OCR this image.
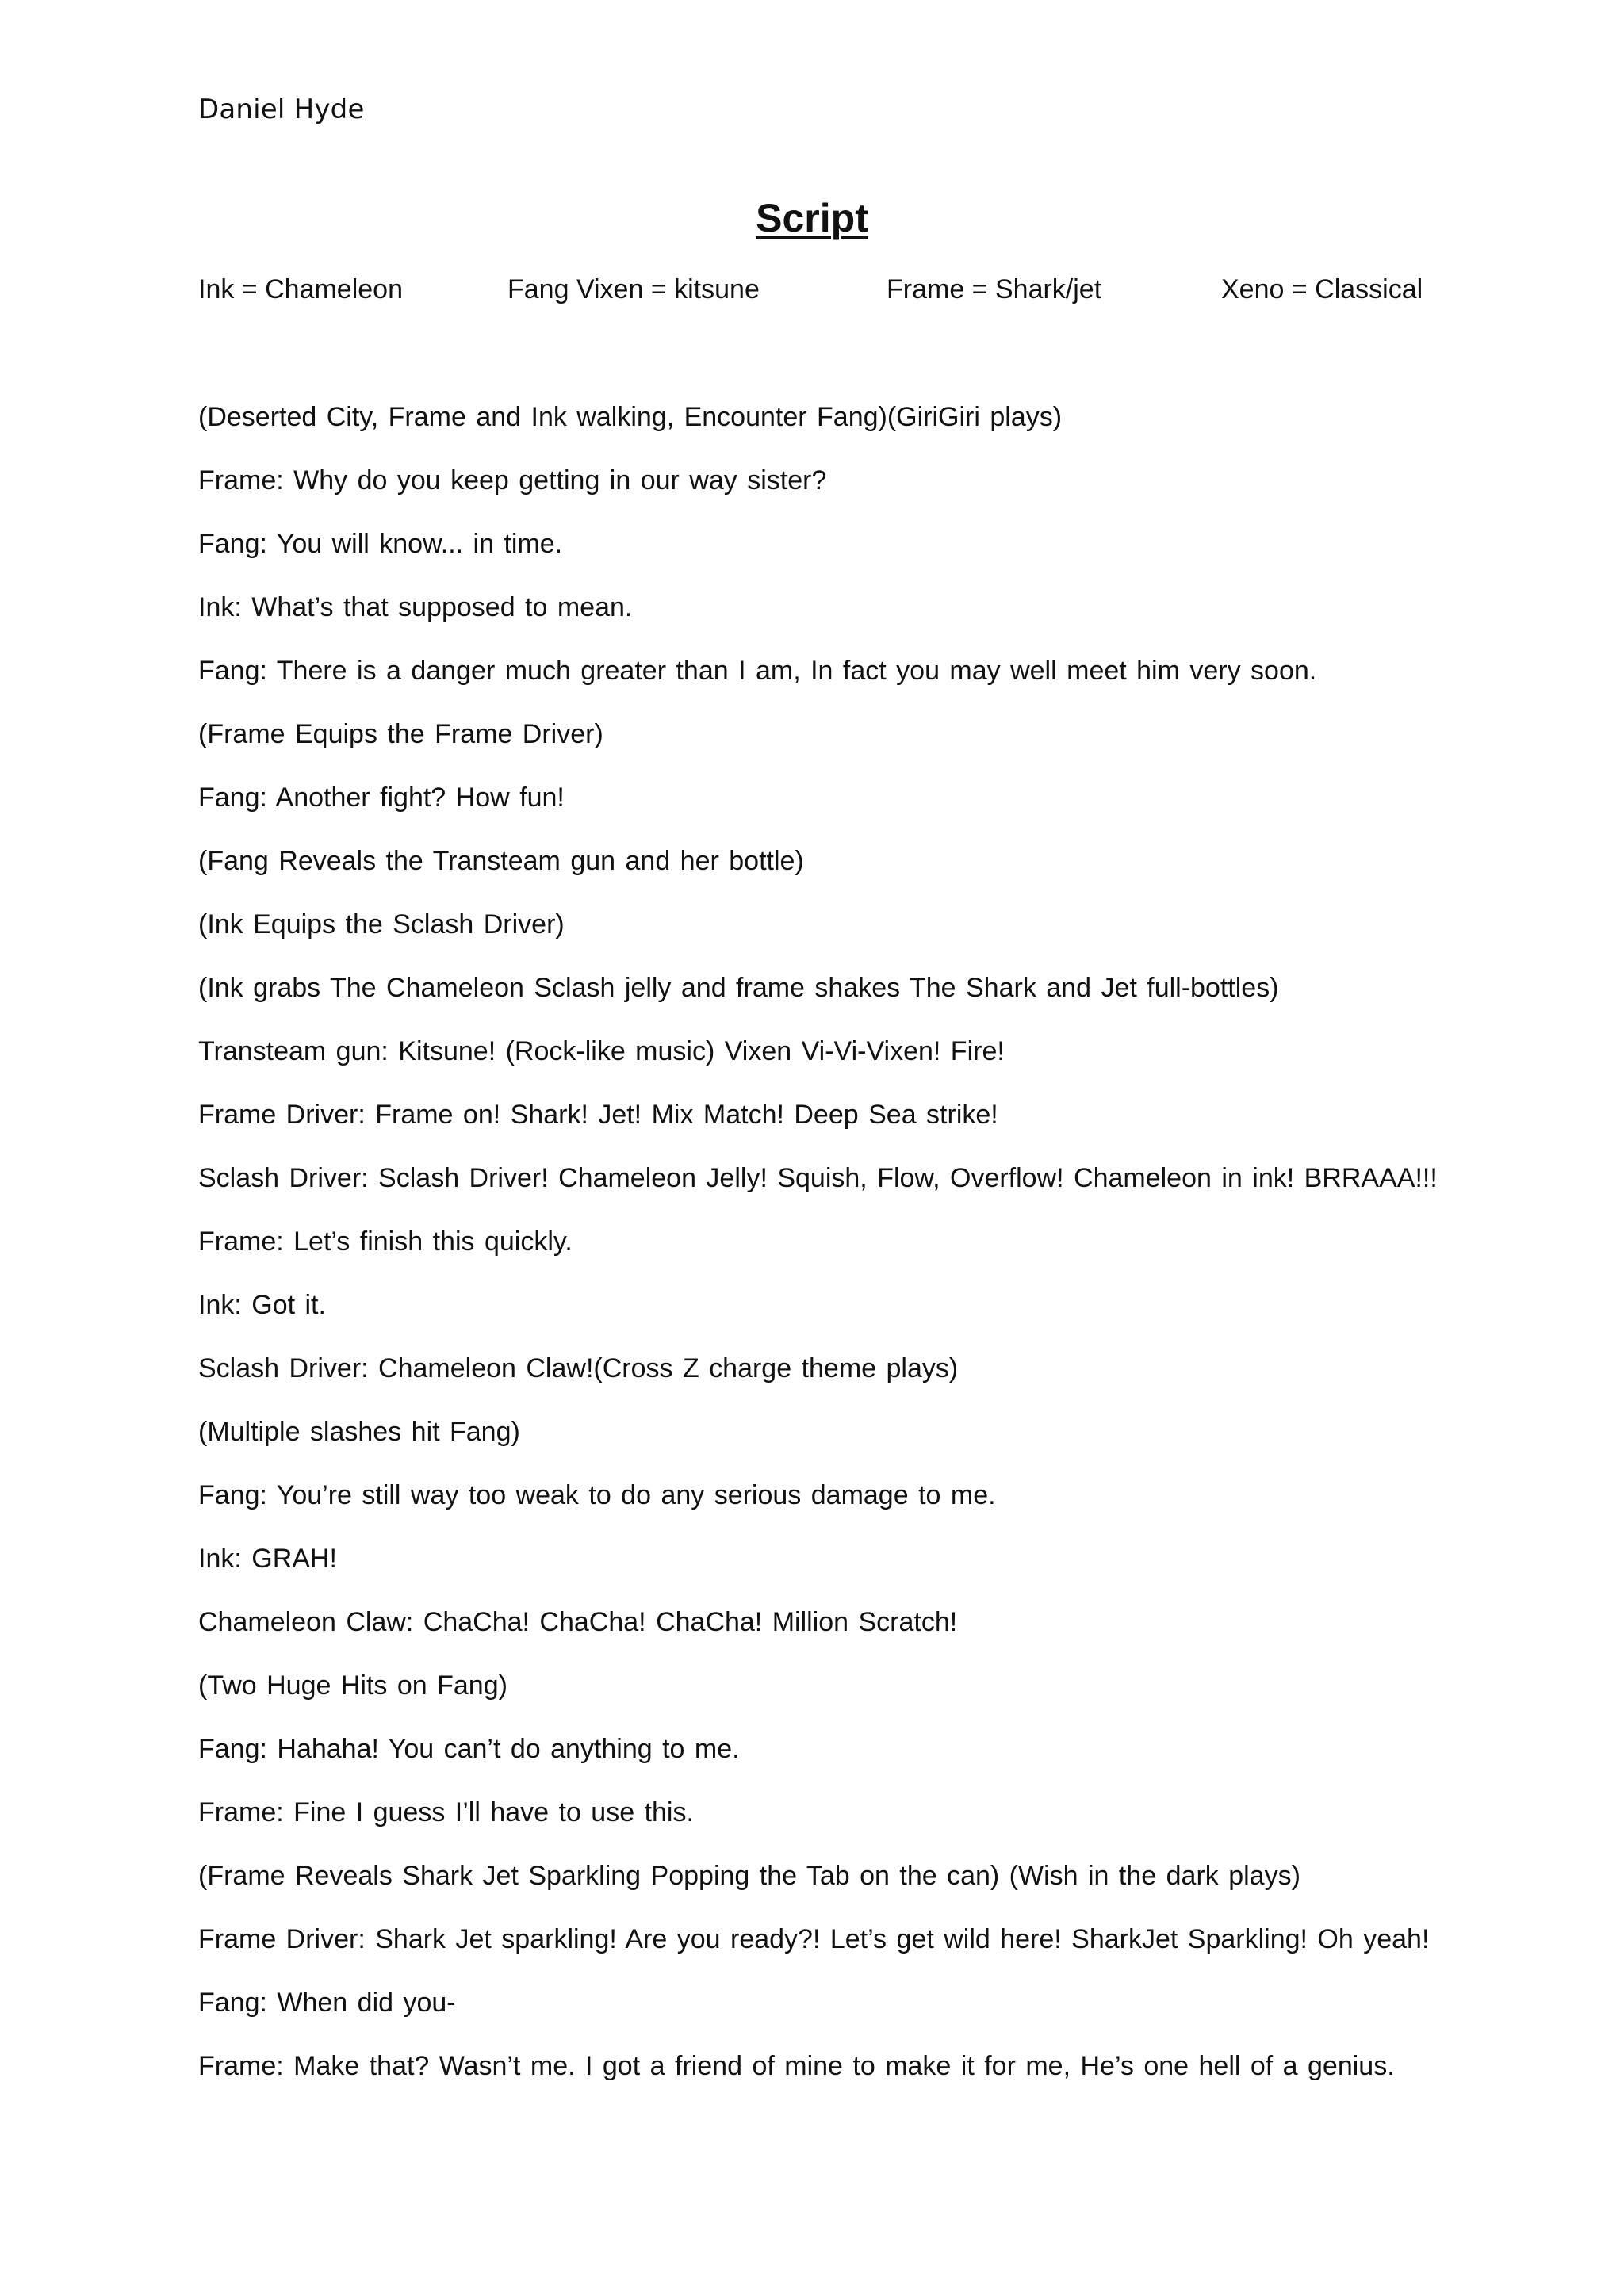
Daniel Hyde
Script
Ink = Chameleon	Fang Vixen = kitsune	Frame = Shark/jet	Xeno = Classical
(Deserted City, Frame and Ink walking, Encounter Fang)(GiriGiri plays)
Frame: Why do you keep getting in our way sister?
Fang: You will know... in time.
Ink: What’s that supposed to mean.
Fang: There is a danger much greater than I am, In fact you may well meet him very soon.
(Frame Equips the Frame Driver)
Fang: Another fight? How fun!
(Fang Reveals the Transteam gun and her bottle)
(Ink Equips the Sclash Driver)
(Ink grabs The Chameleon Sclash jelly and frame shakes The Shark and Jet full-bottles)
Transteam gun: Kitsune! (Rock-like music) Vixen Vi-Vi-Vixen! Fire!
Frame Driver: Frame on! Shark! Jet! Mix Match! Deep Sea strike!
Sclash Driver: Sclash Driver! Chameleon Jelly! Squish, Flow, Overflow! Chameleon in ink! BRRAAA!!!
Frame: Let’s finish this quickly.
Ink: Got it.
Sclash Driver: Chameleon Claw!(Cross Z charge theme plays)
(Multiple slashes hit Fang)
Fang: You’re still way too weak to do any serious damage to me.
Ink: GRAH!
Chameleon Claw: ChaCha! ChaCha! ChaCha! Million Scratch!
(Two Huge Hits on Fang)
Fang: Hahaha! You can’t do anything to me.
Frame: Fine I guess I’ll have to use this.
(Frame Reveals Shark Jet Sparkling Popping the Tab on the can) (Wish in the dark plays)
Frame Driver: Shark Jet sparkling! Are you ready?! Let’s get wild here! SharkJet Sparkling! Oh yeah!
Fang: When did you-
Frame: Make that? Wasn’t me. I got a friend of mine to make it for me, He’s one hell of a genius.
